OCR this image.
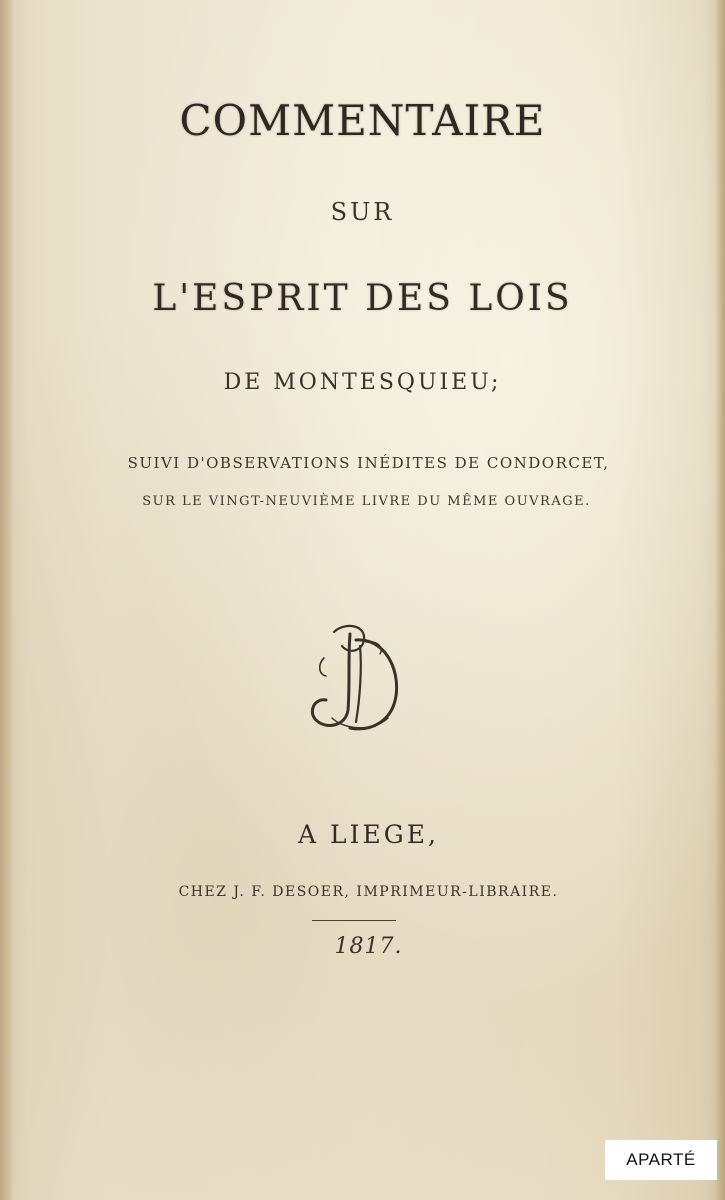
COMMENTAIRE
SUR
L'ESPRIT DES LOIS
DE MONTESQUIEU;
SUIVI D'OBSERVATIONS INÉDITES DE CONDORCET,
SUR LE VINGT-NEUVIÈME LIVRE DU MÊME OUVRAGE.
A LIEGE,
CHEZ J. F. DESOER, IMPRIMEUR-LIBRAIRE.
1817.
APARTÉ
